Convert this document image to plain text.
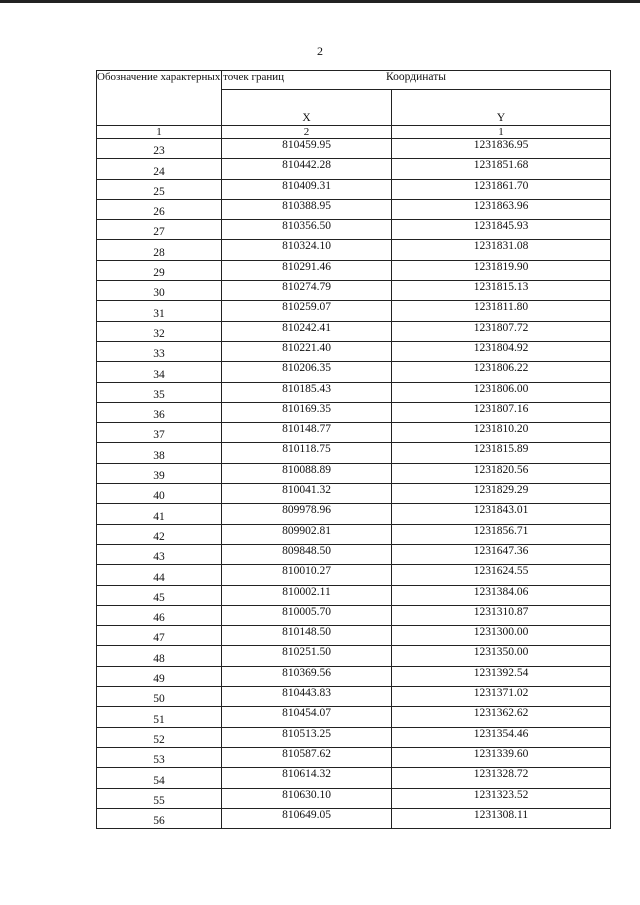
2
Обозначение характерных точек границ	Координаты	
	X	Y
1	2	1
23	810459.95	1231836.95
24	810442.28	1231851.68
25	810409.31	1231861.70
26	810388.95	1231863.96
27	810356.50	1231845.93
28	810324.10	1231831.08
29	810291.46	1231819.90
30	810274.79	1231815.13
31	810259.07	1231811.80
32	810242.41	1231807.72
33	810221.40	1231804.92
34	810206.35	1231806.22
35	810185.43	1231806.00
36	810169.35	1231807.16
37	810148.77	1231810.20
38	810118.75	1231815.89
39	810088.89	1231820.56
40	810041.32	1231829.29
41	809978.96	1231843.01
42	809902.81	1231856.71
43	809848.50	1231647.36
44	810010.27	1231624.55
45	810002.11	1231384.06
46	810005.70	1231310.87
47	810148.50	1231300.00
48	810251.50	1231350.00
49	810369.56	1231392.54
50	810443.83	1231371.02
51	810454.07	1231362.62
52	810513.25	1231354.46
53	810587.62	1231339.60
54	810614.32	1231328.72
55	810630.10	1231323.52
56	810649.05	1231308.11
